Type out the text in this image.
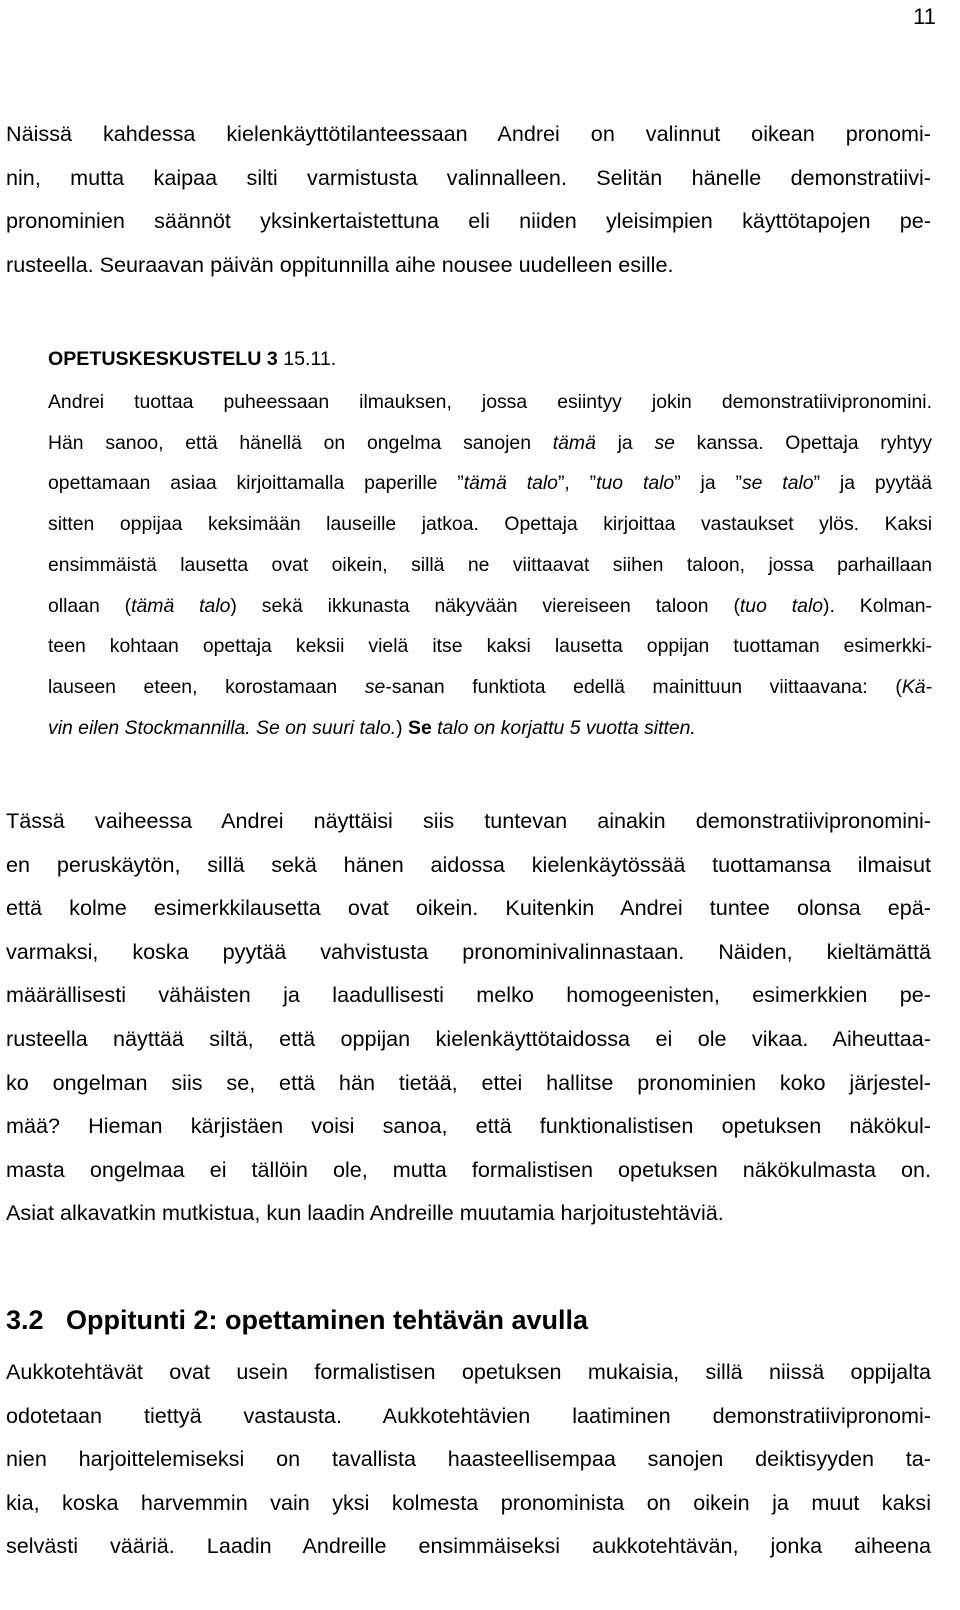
11
Näissä kahdessa kielenkäyttötilanteessaan Andrei on valinnut oikean pronomi-
nin, mutta kaipaa silti varmistusta valinnalleen. Selitän hänelle demonstratiivi-
pronominien säännöt yksinkertaistettuna eli niiden yleisimpien käyttötapojen pe-
rusteella. Seuraavan päivän oppitunnilla aihe nousee uudelleen esille.
OPETUSKESKUSTELU 3 15.11.
Andrei tuottaa puheessaan ilmauksen, jossa esiintyy jokin demonstratiivipronomini.
Hän sanoo, että hänellä on ongelma sanojen tämä ja se kanssa. Opettaja ryhtyy
opettamaan asiaa kirjoittamalla paperille ”tämä talo”, ”tuo talo” ja ”se talo” ja pyytää
sitten oppijaa keksimään lauseille jatkoa. Opettaja kirjoittaa vastaukset ylös. Kaksi
ensimmäistä lausetta ovat oikein, sillä ne viittaavat siihen taloon, jossa parhaillaan
ollaan (tämä talo) sekä ikkunasta näkyvään viereiseen taloon (tuo talo). Kolman-
teen kohtaan opettaja keksii vielä itse kaksi lausetta oppijan tuottaman esimerkki-
lauseen eteen, korostamaan se-sanan funktiota edellä mainittuun viittaavana: (Kä-
vin eilen Stockmannilla. Se on suuri talo.) Se talo on korjattu 5 vuotta sitten.
Tässä vaiheessa Andrei näyttäisi siis tuntevan ainakin demonstratiivipronomini-
en peruskäytön, sillä sekä hänen aidossa kielenkäytössää tuottamansa ilmaisut
että kolme esimerkkilausetta ovat oikein. Kuitenkin Andrei tuntee olonsa epä-
varmaksi, koska pyytää vahvistusta pronominivalinnastaan. Näiden, kieltämättä
määrällisesti vähäisten ja laadullisesti melko homogeenisten, esimerkkien pe-
rusteella näyttää siltä, että oppijan kielenkäyttötaidossa ei ole vikaa. Aiheuttaa-
ko ongelman siis se, että hän tietää, ettei hallitse pronominien koko järjestel-
mää? Hieman kärjistäen voisi sanoa, että funktionalistisen opetuksen näkökul-
masta ongelmaa ei tällöin ole, mutta formalistisen opetuksen näkökulmasta on.
Asiat alkavatkin mutkistua, kun laadin Andreille muutamia harjoitustehtäviä.
3.2 Oppitunti 2: opettaminen tehtävän avulla
Aukkotehtävät ovat usein formalistisen opetuksen mukaisia, sillä niissä oppijalta
odotetaan tiettyä vastausta. Aukkotehtävien laatiminen demonstratiivipronomi-
nien harjoittelemiseksi on tavallista haasteellisempaa sanojen deiktisyyden ta-
kia, koska harvemmin vain yksi kolmesta pronominista on oikein ja muut kaksi
selvästi vääriä. Laadin Andreille ensimmäiseksi aukkotehtävän, jonka aiheena
